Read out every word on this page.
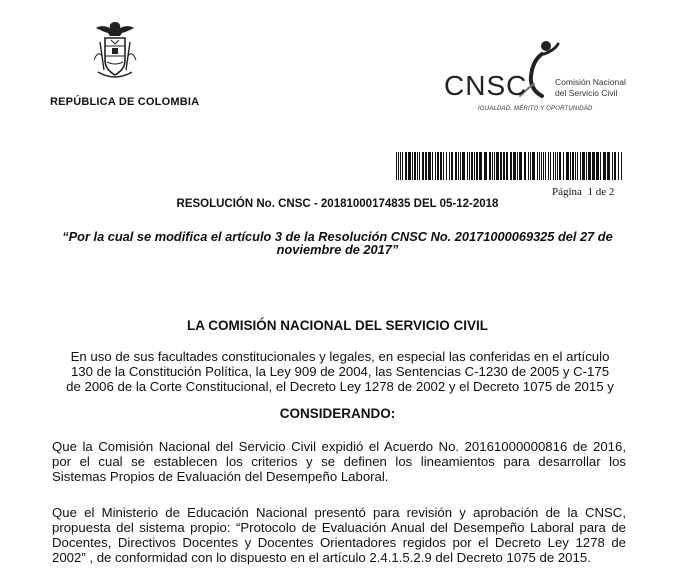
REPÚBLICA DE COLOMBIA
CNSC	Comisión Nacional
del Servicio Civil
IGUALDAD, MÉRITO Y OPORTUNIDAD
Página 1 de 2
RESOLUCIÓN No. CNSC - 20181000174835 DEL 05-12-2018
“Por la cual se modifica el artículo 3 de la Resolución CNSC No. 20171000069325 del 27 de
noviembre de 2017”
LA COMISIÓN NACIONAL DEL SERVICIO CIVIL
En uso de sus facultades constitucionales y legales, en especial las conferidas en el artículo
130 de la Constitución Política, la Ley 909 de 2004, las Sentencias C-1230 de 2005 y C-175
de 2006 de la Corte Constitucional, el Decreto Ley 1278 de 2002 y el Decreto 1075 de 2015 y
CONSIDERANDO:
Que la Comisión Nacional del Servicio Civil expidió el Acuerdo No. 20161000000816 de 2016,
por el cual se establecen los criterios y se definen los lineamientos para desarrollar los
Sistemas Propios de Evaluación del Desempeño Laboral.
Que el Ministerio de Educación Nacional presentó para revisión y aprobación de la CNSC,
propuesta del sistema propio: “Protocolo de Evaluación Anual del Desempeño Laboral para de
Docentes, Directivos Docentes y Docentes Orientadores regidos por el Decreto Ley 1278 de
2002” , de conformidad con lo dispuesto en el artículo 2.4.1.5.2.9 del Decreto 1075 de 2015.
